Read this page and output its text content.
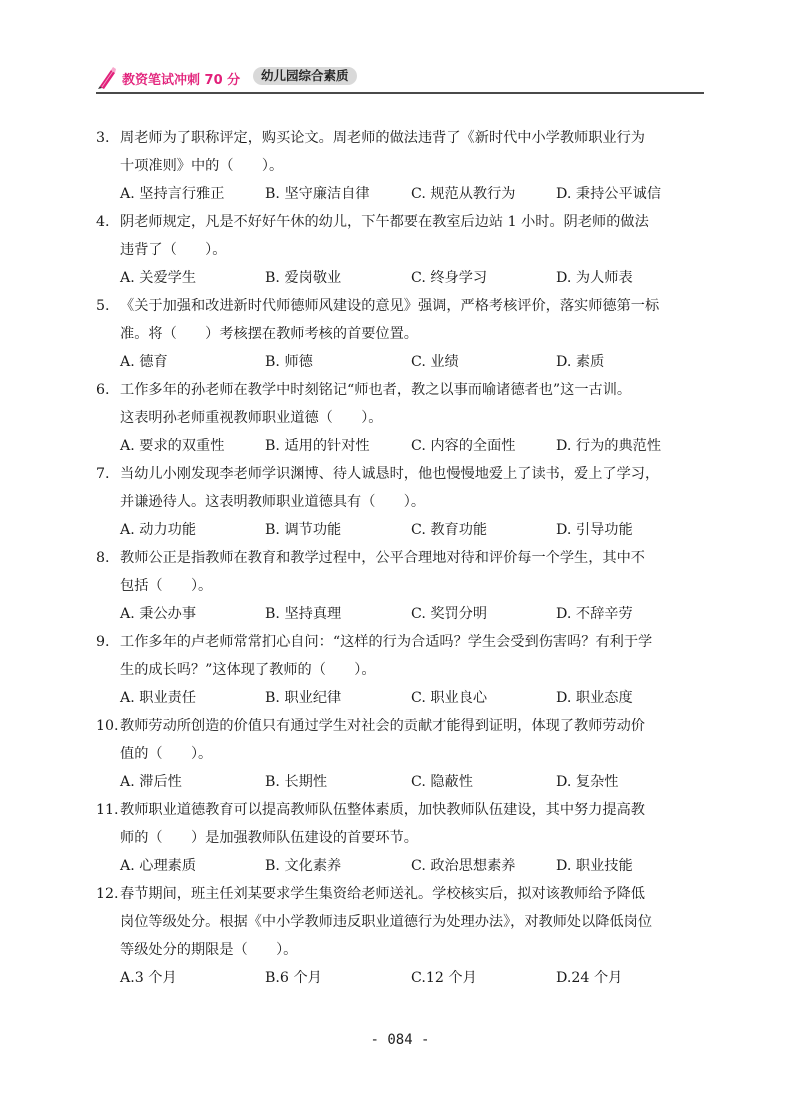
教资笔试冲刺 70 分	幼儿园综合素质
3. 周老师为了职称评定，购买论文。周老师的做法违背了《新时代中小学教师职业行为
十项准则》中的（　　）。
A. 坚持言行雅正	B. 坚守廉洁自律	C. 规范从教行为	D. 秉持公平诚信
4. 阴老师规定，凡是不好好午休的幼儿，下午都要在教室后边站 1 小时。阴老师的做法
违背了（　　）。
A. 关爱学生	B. 爱岗敬业	C. 终身学习	D. 为人师表
5. 《关于加强和改进新时代师德师风建设的意见》强调，严格考核评价，落实师德第一标
准。将（　　）考核摆在教师考核的首要位置。
A. 德育	B. 师德	C. 业绩	D. 素质
6. 工作多年的孙老师在教学中时刻铭记“师也者，教之以事而喻诸德者也”这一古训。
这表明孙老师重视教师职业道德（　　）。
A. 要求的双重性	B. 适用的针对性	C. 内容的全面性	D. 行为的典范性
7. 当幼儿小刚发现李老师学识渊博、待人诚恳时，他也慢慢地爱上了读书，爱上了学习，
并谦逊待人。这表明教师职业道德具有（　　）。
A. 动力功能	B. 调节功能	C. 教育功能	D. 引导功能
8. 教师公正是指教师在教育和教学过程中，公平合理地对待和评价每一个学生，其中不
包括（　　）。
A. 秉公办事	B. 坚持真理	C. 奖罚分明	D. 不辞辛劳
9. 工作多年的卢老师常常扪心自问：“这样的行为合适吗？学生会受到伤害吗？有利于学
生的成长吗？”这体现了教师的（　　）。
A. 职业责任	B. 职业纪律	C. 职业良心	D. 职业态度
10.教师劳动所创造的价值只有通过学生对社会的贡献才能得到证明，体现了教师劳动价
值的（　　）。
A. 滞后性	B. 长期性	C. 隐蔽性	D. 复杂性
11.教师职业道德教育可以提高教师队伍整体素质，加快教师队伍建设，其中努力提高教
师的（　　）是加强教师队伍建设的首要环节。
A. 心理素质	B. 文化素养	C. 政治思想素养	D. 职业技能
12.春节期间，班主任刘某要求学生集资给老师送礼。学校核实后，拟对该教师给予降低
岗位等级处分。根据《中小学教师违反职业道德行为处理办法》，对教师处以降低岗位
等级处分的期限是（　　）。
A.3 个月	B.6 个月	C.12 个月	D.24 个月
- 084 -
